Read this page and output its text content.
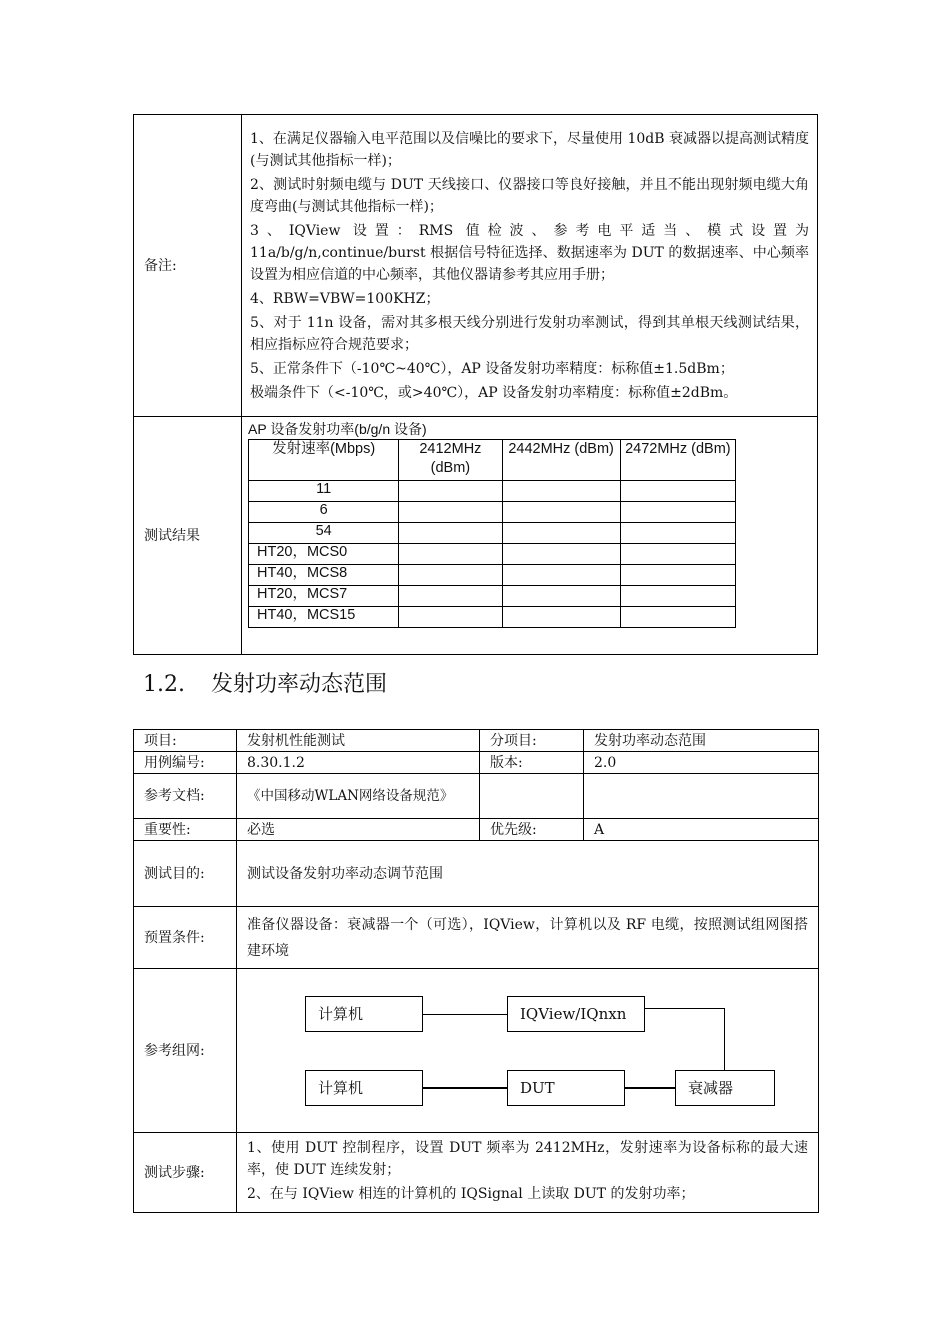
备注:	

1、在满足仪器输入电平范围以及信噪比的要求下，尽量使用 10dB 衰减器以提高测试精度(与测试其他指标一样)；

2、测试时射频电缆与 DUT 天线接口、仪器接口等良好接触，并且不能出现射频电缆大角度弯曲(与测试其他指标一样)；

3、IQView 设置：RMS 值检波、参考电平适当、模式设置为 11a/b/g/n,continue/burst 根据信号特征选择、数据速率为 DUT 的数据速率、中心频率设置为相应信道的中心频率，其他仪器请参考其应用手册；

4、RBW=VBW=100KHZ；

5、对于 11n 设备，需对其多根天线分别进行发射功率测试，得到其单根天线测试结果，相应指标应符合规范要求；

5、正常条件下（-10℃~40℃），AP 设备发射功率精度：标称值±1.5dBm；

极端条件下（<-10℃，或>40℃），AP 设备发射功率精度：标称值±2dBm。

测试结果	
AP 设备发射功率(b/g/n 设备)
发射速率(Mbps)	2412MHz (dBm)	2442MHz (dBm)	2472MHz (dBm)
11			
6			
54			
HT20，MCS0			
HT40，MCS8			
HT20，MCS7			
HT40，MCS15			
1.2. 发射功率动态范围
项目:	发射机性能测试	分项目:	发射功率动态范围
用例编号:	8.30.1.2	版本:	2.0
参考文档:	《中国移动WLAN网络设备规范》		
重要性:	必选	优先级:	A
测试目的:	测试设备发射功率动态调节范围		
预置条件:	准备仪器设备：衰减器一个（可选），IQView，计算机以及 RF 电缆，按照测试组网图搭建环境		

参考组网:	计算机 IQView/IQnxn
计算机 DUT 衰减器		

测试步骤:	1、使用 DUT 控制程序，设置 DUT 频率为 2412MHz，发射速率为设备标称的最大速率，使 DUT 连续发射；

2、在与 IQView 相连的计算机的 IQSignal 上读取 DUT 的发射功率；		
